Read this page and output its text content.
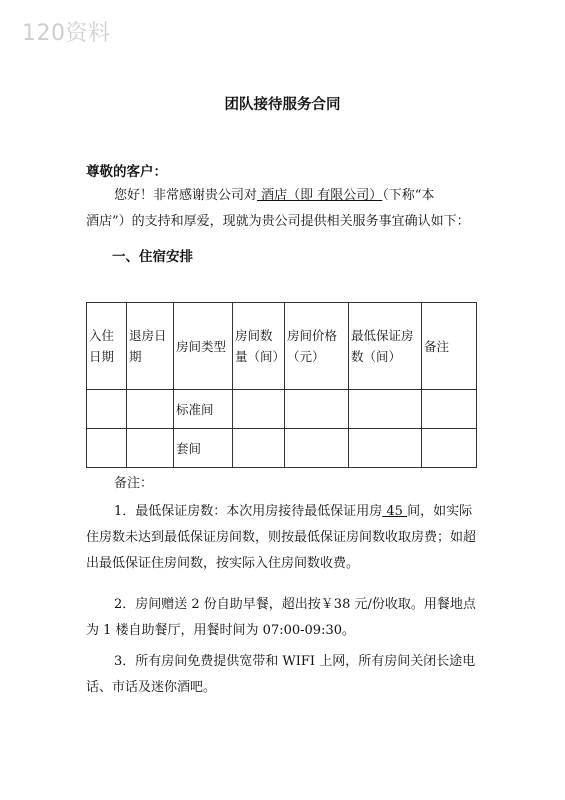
120资料
团队接待服务合同
尊敬的客户：
您好！非常感谢贵公司对 酒店（即 有限公司）（下称“本
酒店”）的支持和厚爱，现就为贵公司提供相关服务事宜确认如下：
一、住宿安排
入住日期	退房日期	房间类型	房间数量（间）	房间价格（元）	最低保证房数（间）	备注
		标准间				
		套间				
备注：
1．最低保证房数：本次用房接待最低保证用房 45 间，如实际住房数未达到最低保证房间数，则按最低保证房间数收取房费；如超出最低保证住房间数，按实际入住房间数收费。
2．房间赠送 2 份自助早餐，超出按￥38 元/份收取。用餐地点为 1 楼自助餐厅，用餐时间为 07:00-09:30。
3．所有房间免费提供宽带和 WIFI 上网，所有房间关闭长途电话、市话及迷你酒吧。
